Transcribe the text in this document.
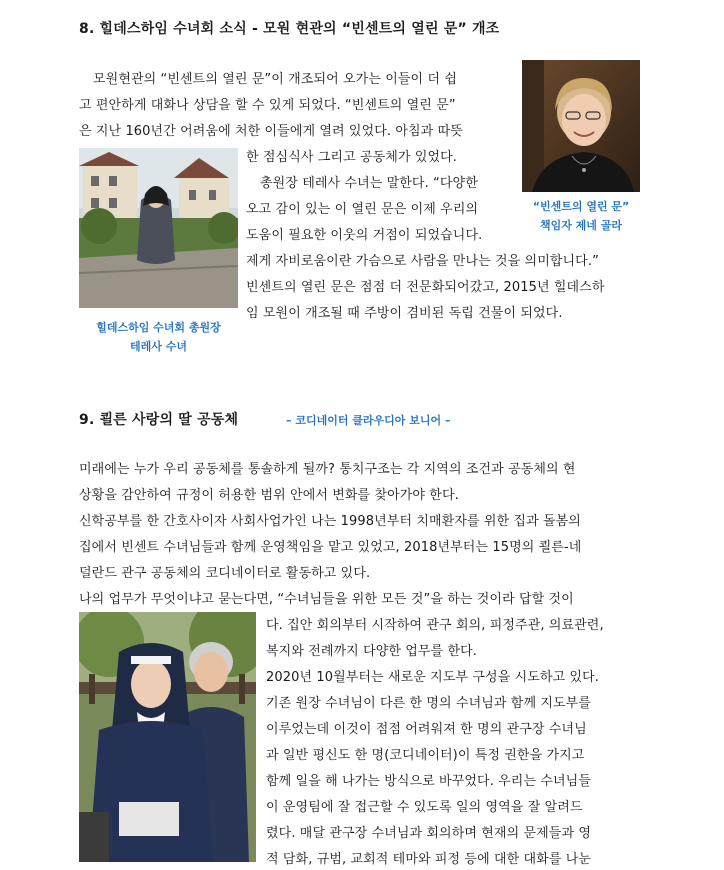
8. 힐데스하임 수녀회 소식 - 모원 현관의 “빈센트의 열린 문” 개조
“빈센트의 열린 문”
책임자 제네 골라
힐데스하임 수녀회 총원장
테레사 수녀
모원현관의 “빈센트의 열린 문”이 개조되어 오가는 이들이 더 쉽
고 편안하게 대화나 상담을 할 수 있게 되었다. “빈센트의 열린 문”
은 지난 160년간 어려움에 처한 이들에게 열려 있었다. 아침과 따뜻
한 점심식사 그리고 공동체가 있었다.
총원장 테레사 수녀는 말한다. “다양한
오고 감이 있는 이 열린 문은 이제 우리의
도움이 필요한 이웃의 거점이 되었습니다.
제게 자비로움이란 가슴으로 사람을 만나는 것을 의미합니다.”
빈센트의 열린 문은 점점 더 전문화되어갔고, 2015년 힐데스하
임 모원이 개조될 때 주방이 겸비된 독립 건물이 되었다.
9. 쾰른 사랑의 딸 공동체	– 코디네이터 클라우디아 보니어 –
미래에는 누가 우리 공동체를 통솔하게 될까? 통치구조는 각 지역의 조건과 공동체의 현
상황을 감안하여 규정이 허용한 범위 안에서 변화를 찾아가야 한다.
신학공부를 한 간호사이자 사회사업가인 나는 1998년부터 치매환자를 위한 집과 돌봄의
집에서 빈센트 수녀님들과 함께 운영책임을 맡고 있었고, 2018년부터는 15명의 쾰른-네
덜란드 관구 공동체의 코디네이터로 활동하고 있다.
나의 업무가 무엇이냐고 묻는다면, “수녀님들을 위한 모든 것”을 하는 것이라 답할 것이
다. 집안 회의부터 시작하여 관구 회의, 피정주관, 의료관련,
복지와 전례까지 다양한 업무를 한다.
2020년 10월부터는 새로운 지도부 구성을 시도하고 있다.
기존 원장 수녀님이 다른 한 명의 수녀님과 함께 지도부를
이루었는데 이것이 점점 어려워져 한 명의 관구장 수녀님
과 일반 평신도 한 명(코디네이터)이 특정 권한을 가지고
함께 일을 해 나가는 방식으로 바꾸었다. 우리는 수녀님들
이 운영팀에 잘 접근할 수 있도록 일의 영역을 잘 알려드
렸다. 매달 관구장 수녀님과 회의하며 현재의 문제들과 영
적 담화, 규범, 교회적 테마와 피정 등에 대한 대화를 나눈
